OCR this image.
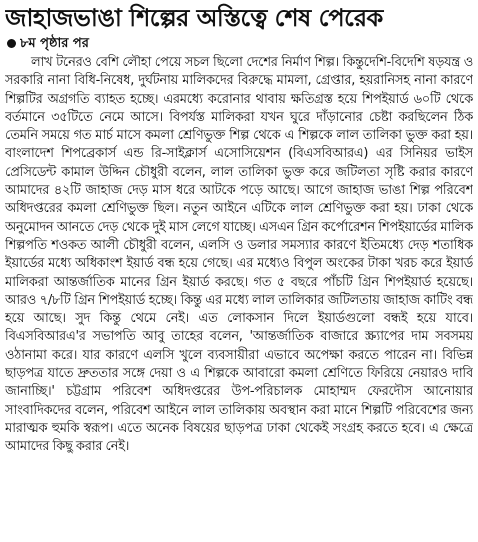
জাহাজভাঙা শিল্পের অস্তিত্বে শেষ পেরেক
৮ম পৃষ্ঠার পর

লাখ টনেরও বেশি লৌহা পেয়ে সচল ছিলো দেশের নির্মাণ শিল্প। কিন্তুদেশি-বিদেশি ষড়যন্ত্র ও সরকারি নানা বিধি-নিষেধ, দুর্ঘটনায় মালিকদের বিরুদ্ধে মামলা, গ্রেপ্তার, হয়রানিসহ নানা কারণে শিল্পটির অগ্রগতি ব্যাহত হচ্ছে। এরমধ্যে করোনার থাবায় ক্ষতিগ্রস্ত হয়ে শিপইয়ার্ড ৬০টি থেকে বর্তমানে ৩৫টিতে নেমে আসে। বিপর্যস্ত মালিকরা যখন ঘুরে দাঁড়ানোর চেষ্টা করছিলেন ঠিক তেমনি সময়ে গত মার্চ মাসে কমলা শ্রেণিভুক্ত শিল্প থেকে এ শিল্পকে লাল তালিকা ভুক্ত করা হয়। বাংলাদেশ শিপব্রেকার্স এন্ড রি-সাইক্লার্স এসোসিয়েশন (বিএসবিআরএ) এর সিনিয়র ভাইস প্রেসিডেন্ট কামাল উদ্দিন চৌধুরী বলেন, লাল তালিকা ভুক্ত করে জটিলতা সৃষ্টি করার কারণে আমাদের ৪২টি জাহাজ দেড় মাস ধরে আটকে পড়ে আছে। আগে জাহাজ ভাঙা শিল্প পরিবেশ অধিদপ্তরের কমলা শ্রেণিভুক্ত ছিল। নতুন আইনে এটিকে লাল শ্রেণিভুক্ত করা হয়। ঢাকা থেকে অনুমোদন আনতে দেড় থেকে দুই মাস লেগে যাচ্ছে। এসএন গ্রিন কর্পোরেশন শিপইয়ার্ডের মালিক শিল্পপতি শওকত আলী চৌধুরী বলেন, এলসি ও ডলার সমস্যার কারণে ইতিমধ্যে দেড় শতাধিক ইয়ার্ডের মধ্যে অধিকাংশ ইয়ার্ড বন্ধ হয়ে গেছে। এর মধ্যেও বিপুল অংকের টাকা খরচ করে ইয়ার্ড মালিকরা আন্তর্জাতিক মানের গ্রিন ইয়ার্ড করছে। গত ৫ বছরে পাঁচটি গ্রিন শিপইয়ার্ড হয়েছে। আরও ৭/৮টি গ্রিন শিপইয়ার্ড হচ্ছে। কিন্তু এর মধ্যে লাল তালিকার জটিলতায় জাহাজ কাটিং বন্ধ হয়ে আছে। সুদ কিন্তু থেমে নেই। এত লোকসান দিলে ইয়ার্ডগুলো বন্ধই হয়ে যাবে। বিএসবিআরএ'র সভাপতি আবু তাহের বলেন, 'আন্তর্জাতিক বাজারে স্ক্র্যাপের দাম সবসময় ওঠানামা করে। যার কারণে এলসি খুলে ব্যবসায়ীরা এভাবে অপেক্ষা করতে পারেন না। বিভিন্ন ছাড়পত্র যাতে দ্রুততার সঙ্গে দেয়া ও এ শিল্পকে আবারো কমলা শ্রেণিতে ফিরিয়ে নেয়ারও দাবি জানাচ্ছি।' চট্টগ্রাম পরিবেশ অধিদপ্তরের উপ-পরিচালক মোহাম্মদ ফেরদৌস আনোয়ার সাংবাদিকদের বলেন, পরিবেশ আইনে লাল তালিকায় অবস্থান করা মানে শিল্পটি পরিবেশের জন্য মারাত্মক হুমকি স্বরূপ। এতে অনেক বিষয়ের ছাড়পত্র ঢাকা থেকেই সংগ্রহ করতে হবে। এ ক্ষেত্রে আমাদের কিছু করার নেই।
